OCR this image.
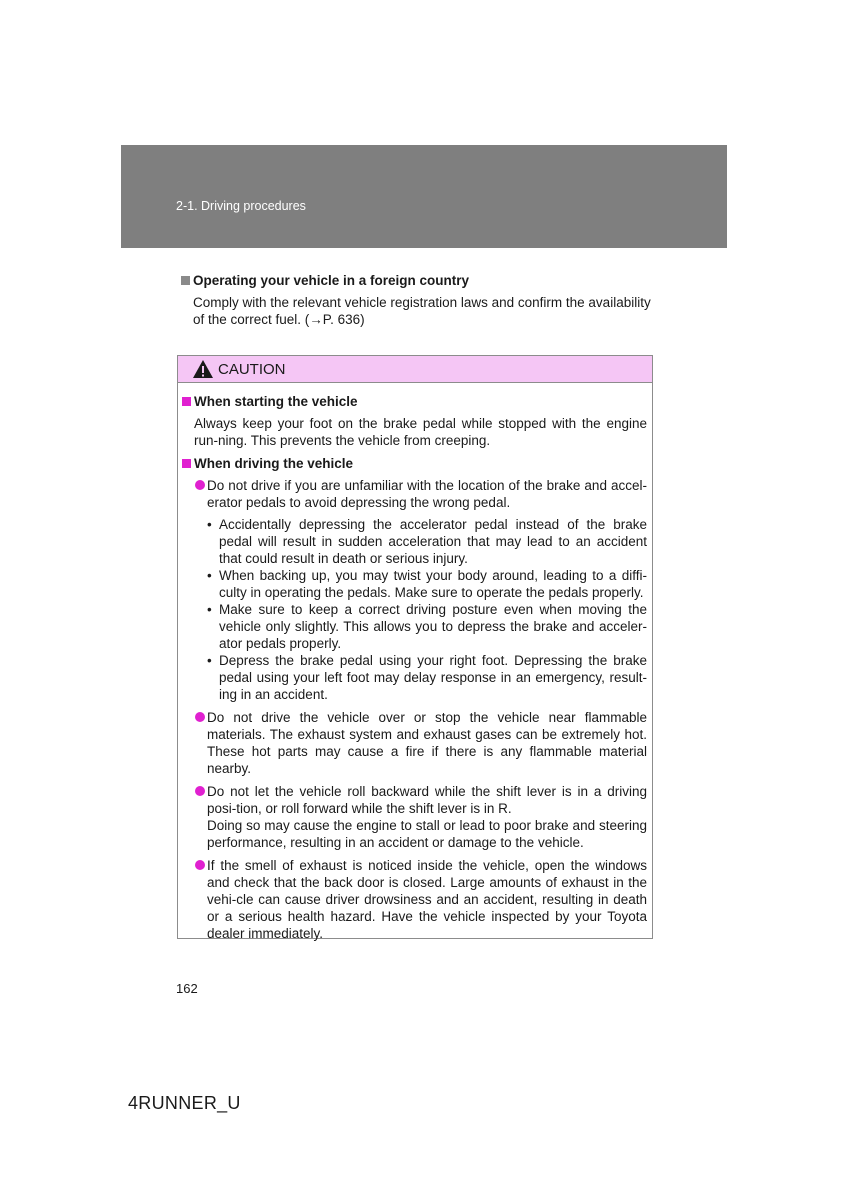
2-1. Driving procedures
Operating your vehicle in a foreign country
Comply with the relevant vehicle registration laws and confirm the availability of the correct fuel. (→P. 636)
CAUTION
When starting the vehicle
Always keep your foot on the brake pedal while stopped with the engine run-ning. This prevents the vehicle from creeping.
When driving the vehicle
Do not drive if you are unfamiliar with the location of the brake and accel-erator pedals to avoid depressing the wrong pedal.
• Accidentally depressing the accelerator pedal instead of the brake pedal will result in sudden acceleration that may lead to an accident that could result in death or serious injury.
• When backing up, you may twist your body around, leading to a diffi-culty in operating the pedals. Make sure to operate the pedals properly.
• Make sure to keep a correct driving posture even when moving the vehicle only slightly. This allows you to depress the brake and acceler-ator pedals properly.
• Depress the brake pedal using your right foot. Depressing the brake pedal using your left foot may delay response in an emergency, result-ing in an accident.
Do not drive the vehicle over or stop the vehicle near flammable materials. The exhaust system and exhaust gases can be extremely hot. These hot parts may cause a fire if there is any flammable material nearby.
Do not let the vehicle roll backward while the shift lever is in a driving posi-tion, or roll forward while the shift lever is in R.
Doing so may cause the engine to stall or lead to poor brake and steering performance, resulting in an accident or damage to the vehicle.
If the smell of exhaust is noticed inside the vehicle, open the windows and check that the back door is closed. Large amounts of exhaust in the vehi-cle can cause driver drowsiness and an accident, resulting in death or a serious health hazard. Have the vehicle inspected by your Toyota dealer immediately.
162
4RUNNER_U
